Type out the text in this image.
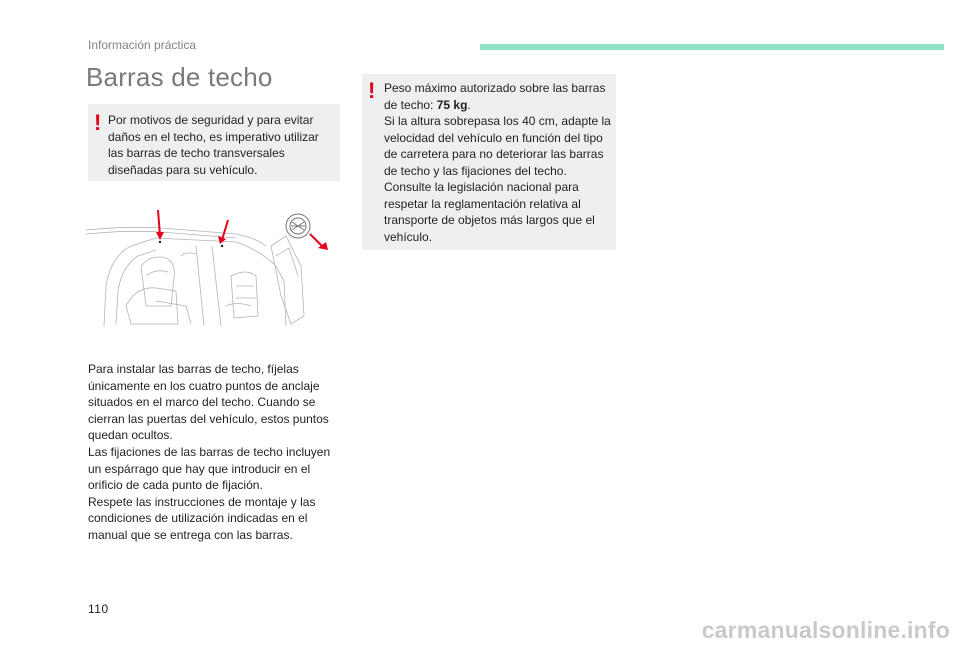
Información práctica
Barras de techo
! Por motivos de seguridad y para evitar
daños en el techo, es imperativo utilizar
las barras de techo transversales
diseñadas para su vehículo.
! Peso máximo autorizado sobre las barras
de techo: 75 kg.
Si la altura sobrepasa los 40 cm, adapte la
velocidad del vehículo en función del tipo
de carretera para no deteriorar las barras
de techo y las fijaciones del techo.
Consulte la legislación nacional para
respetar la reglamentación relativa al
transporte de objetos más largos que el
vehículo.
Para instalar las barras de techo, fíjelas
únicamente en los cuatro puntos de anclaje
situados en el marco del techo. Cuando se
cierran las puertas del vehículo, estos puntos
quedan ocultos.
Las fijaciones de las barras de techo incluyen
un espárrago que hay que introducir en el
orificio de cada punto de fijación.
Respete las instrucciones de montaje y las
condiciones de utilización indicadas en el
manual que se entrega con las barras.
110
carmanualsonline.info
